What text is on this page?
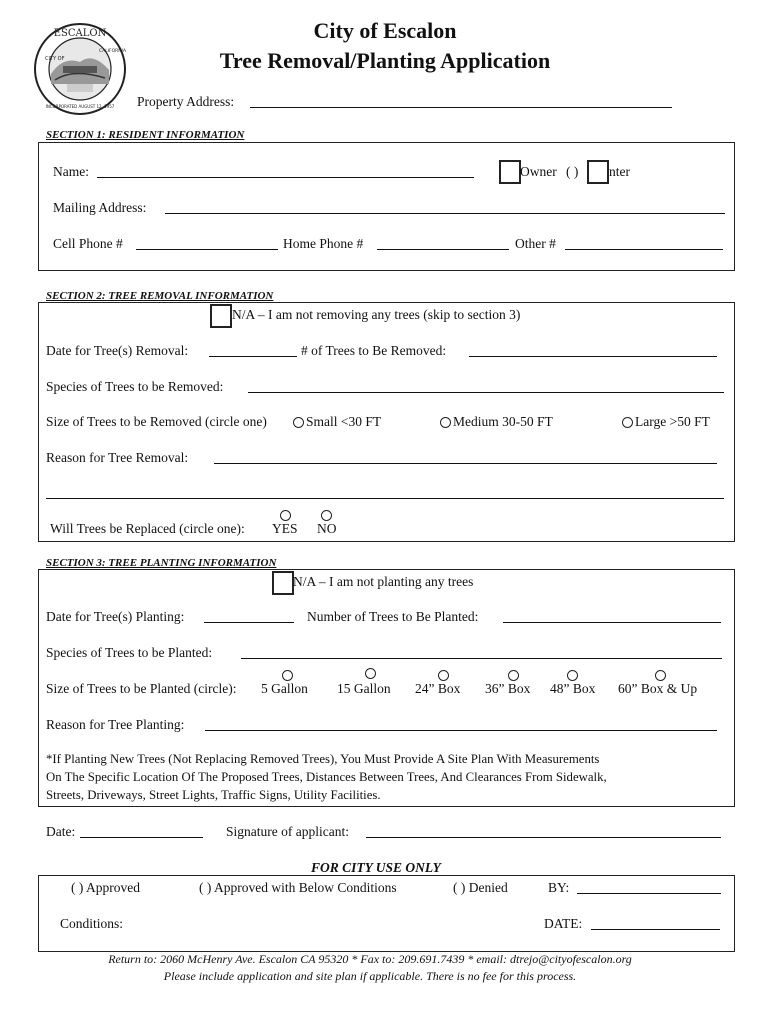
ESCALON
CITY OF
CALIFORNIA
INCORPORATED AUGUST 12, 1957
City of Escalon
Tree Removal/Planting Application
Property Address:
SECTION 1: RESIDENT INFORMATION
Name:	Owner ( ) nter
Mailing Address:
Cell Phone #	Home Phone #	Other #
SECTION 2: TREE REMOVAL INFORMATION
N/A – I am not removing any trees (skip to section 3)
Date for Tree(s) Removal:	# of Trees to Be Removed:
Species of Trees to be Removed:
Size of Trees to be Removed (circle one)	Small <30 FT	Medium 30-50 FT	Large >50 FT
Reason for Tree Removal:
Will Trees be Replaced (circle one): YES NO
SECTION 3: TREE PLANTING INFORMATION
N/A – I am not planting any trees
Date for Tree(s) Planting:	Number of Trees to Be Planted:
Species of Trees to be Planted:
Size of Trees to be Planted (circle): 5 Gallon 15 Gallon 24” Box 36” Box 48” Box 60” Box & Up
Reason for Tree Planting:
*If Planting New Trees (Not Replacing Removed Trees), You Must Provide A Site Plan With Measurements
On The Specific Location Of The Proposed Trees, Distances Between Trees, And Clearances From Sidewalk,
Streets, Driveways, Street Lights, Traffic Signs, Utility Facilities.
Date:	Signature of applicant:
FOR CITY USE ONLY
( ) Approved	( ) Approved with Below Conditions	( ) Denied	BY:
Conditions:	DATE:
Return to: 2060 McHenry Ave. Escalon CA 95320 * Fax to: 209.691.7439 * email: dtrejo@cityofescalon.org
Please include application and site plan if applicable. There is no fee for this process.
